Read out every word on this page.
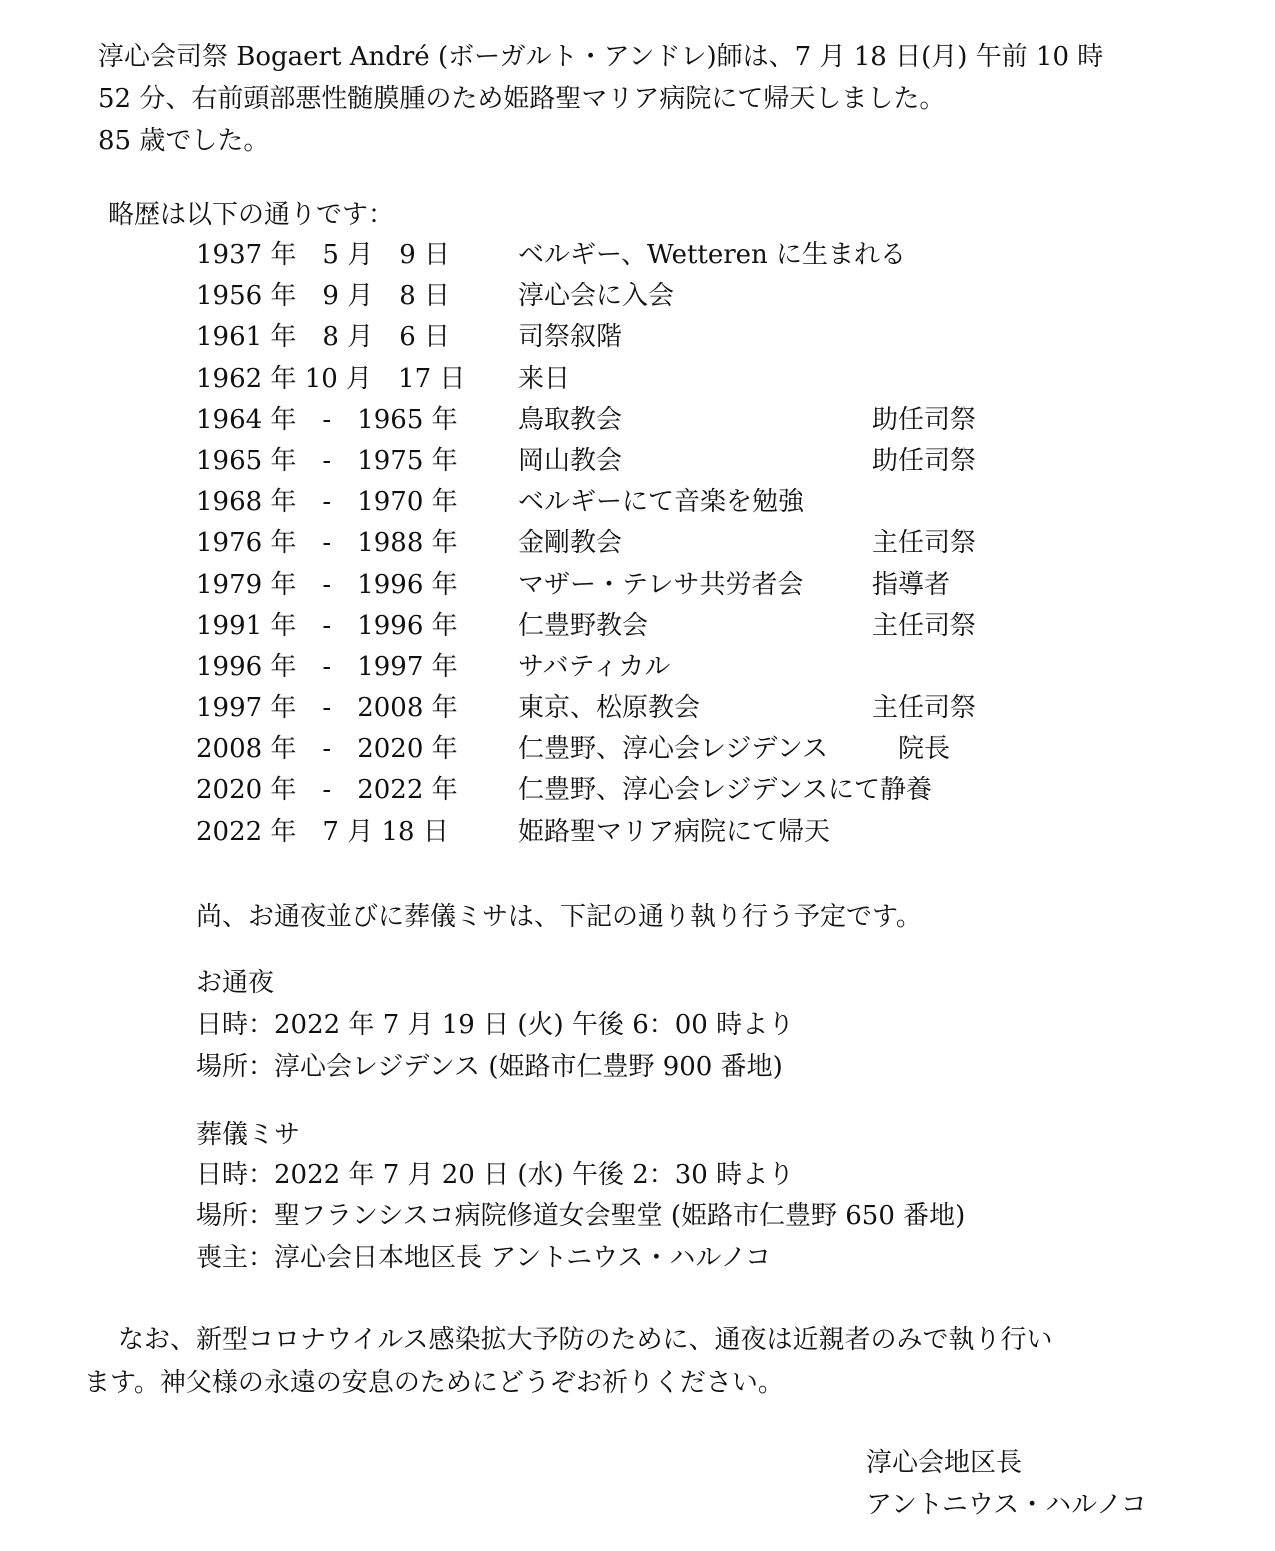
淳心会司祭 Bogaert André (ボーガルト・アンドレ)師は、7 月 18 日(月) 午前 10 時
52 分、右前頭部悪性髄膜腫のため姫路聖マリア病院にて帰天しました。
85 歳でした。
略歴は以下の通りです：
1937 年　5 月　9 日	ベルギー、Wetteren に生まれる
1956 年　9 月　8 日	淳心会に入会
1961 年　8 月　6 日	司祭叙階
1962 年 10 月　17 日 来日
1964 年　-　1965 年 鳥取教会	助任司祭
1965 年　-　1975 年 岡山教会	助任司祭
1968 年　-　1970 年 ベルギーにて音楽を勉強
1976 年　-　1988 年 金剛教会	主任司祭
1979 年　-　1996 年 マザー・テレサ共労者会	指導者
1991 年　-　1996 年 仁豊野教会	主任司祭
1996 年　-　1997 年 サバティカル
1997 年　-　2008 年 東京、松原教会	主任司祭
2008 年　-　2020 年 仁豊野、淳心会レジデンス 　院長
2020 年　-　2022 年 仁豊野、淳心会レジデンスにて静養
2022 年　7 月 18 日	姫路聖マリア病院にて帰天
尚、お通夜並びに葬儀ミサは、下記の通り執り行う予定です。
お通夜
日時：2022 年 7 月 19 日 (火) 午後 6：00 時より
場所：淳心会レジデンス (姫路市仁豊野 900 番地)
葬儀ミサ
日時：2022 年 7 月 20 日 (水) 午後 2：30 時より
場所：聖フランシスコ病院修道女会聖堂 (姫路市仁豊野 650 番地)
喪主：淳心会日本地区長 アントニウス・ハルノコ
なお、新型コロナウイルス感染拡大予防のために、通夜は近親者のみで執り行い
ます。神父様の永遠の安息のためにどうぞお祈りください。
淳心会地区長
アントニウス・ハルノコ
